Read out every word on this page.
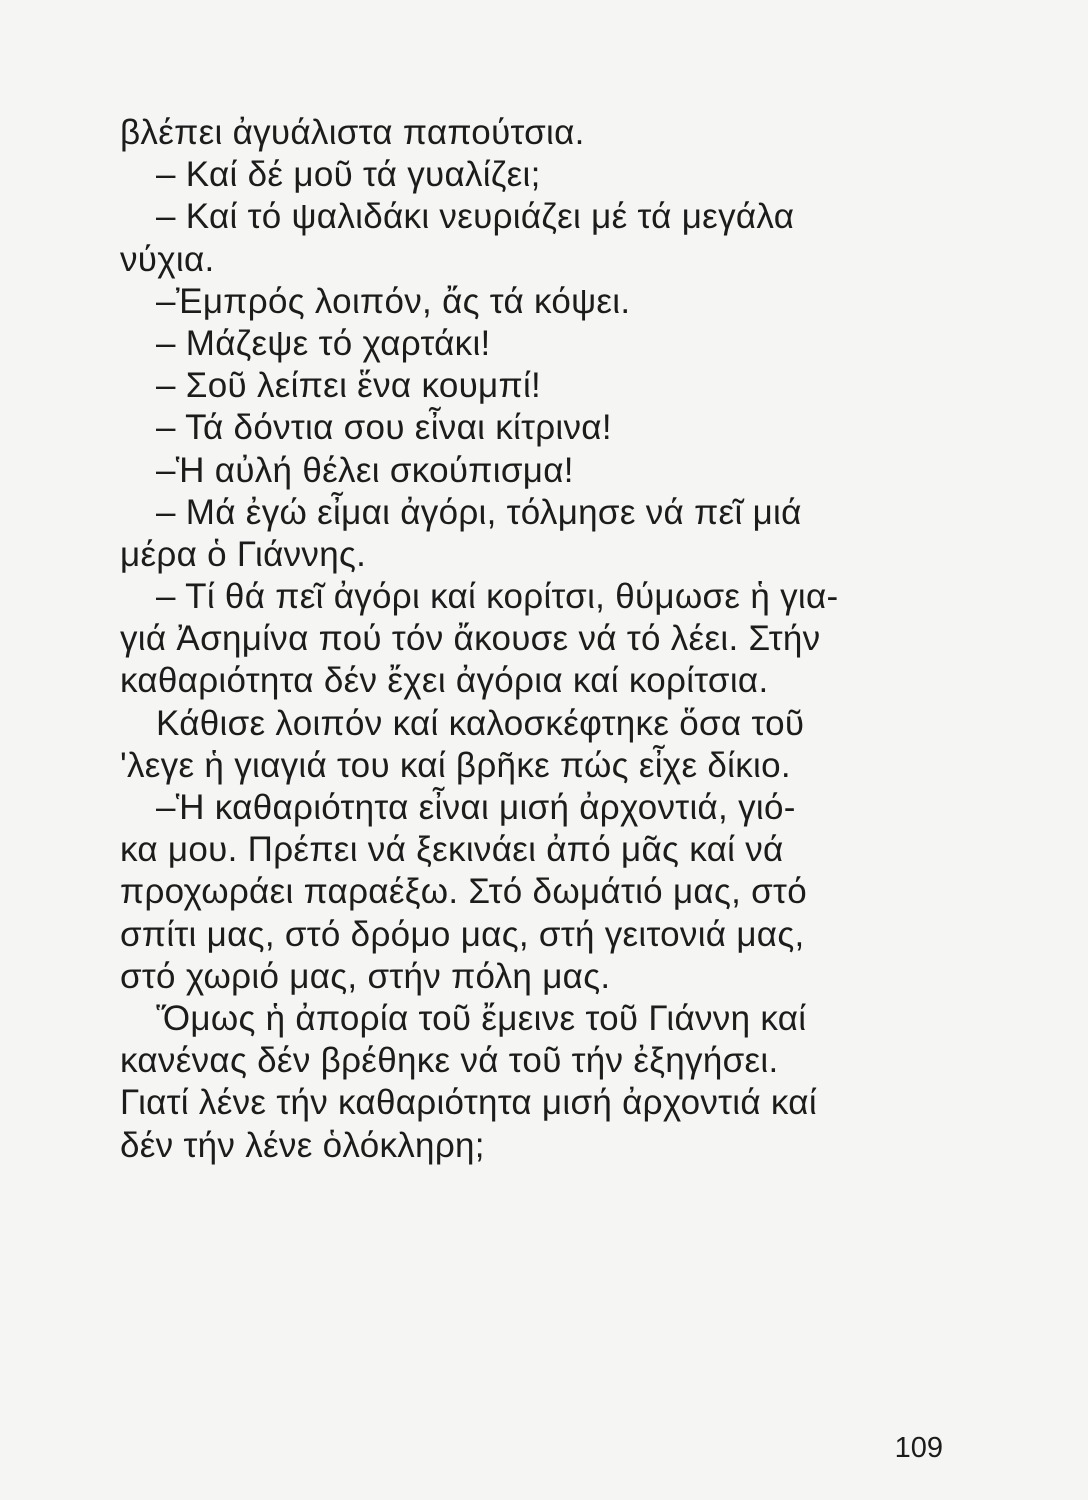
βλέπει ἀγυάλιστα παπούτσια.
– Καί δέ μοῦ τά γυαλίζει;
– Καί τό ψαλιδάκι νευριάζει μέ τά μεγάλα
νύχια.
–Ἐμπρός λοιπόν, ἄς τά κόψει.
– Μάζεψε τό χαρτάκι!
– Σοῦ λείπει ἕνα κουμπί!
– Τά δόντια σου εἶναι κίτρινα!
–Ἡ αὐλή θέλει σκούπισμα!
– Μά ἐγώ εἶμαι ἀγόρι, τόλμησε νά πεῖ μιά
μέρα ὁ Γιάννης.
– Τί θά πεῖ ἀγόρι καί κορίτσι, θύμωσε ἡ για-
γιά Ἀσημίνα πού τόν ἄκουσε νά τό λέει. Στήν
καθαριότητα δέν ἔχει ἀγόρια καί κορίτσια.
Κάθισε λοιπόν καί καλοσκέφτηκε ὅσα τοῦ
'λεγε ἡ γιαγιά του καί βρῆκε πώς εἶχε δίκιο.
–Ἡ καθαριότητα εἶναι μισή ἀρχοντιά, γιό-
κα μου. Πρέπει νά ξεκινάει ἀπό μᾶς καί νά
προχωράει παραέξω. Στό δωμάτιό μας, στό
σπίτι μας, στό δρόμο μας, στή γειτονιά μας,
στό χωριό μας, στήν πόλη μας.
Ὅμως ἡ ἀπορία τοῦ ἔμεινε τοῦ Γιάννη καί
κανένας δέν βρέθηκε νά τοῦ τήν ἐξηγήσει.
Γιατί λένε τήν καθαριότητα μισή ἀρχοντιά καί
δέν τήν λένε ὁλόκληρη;
109
